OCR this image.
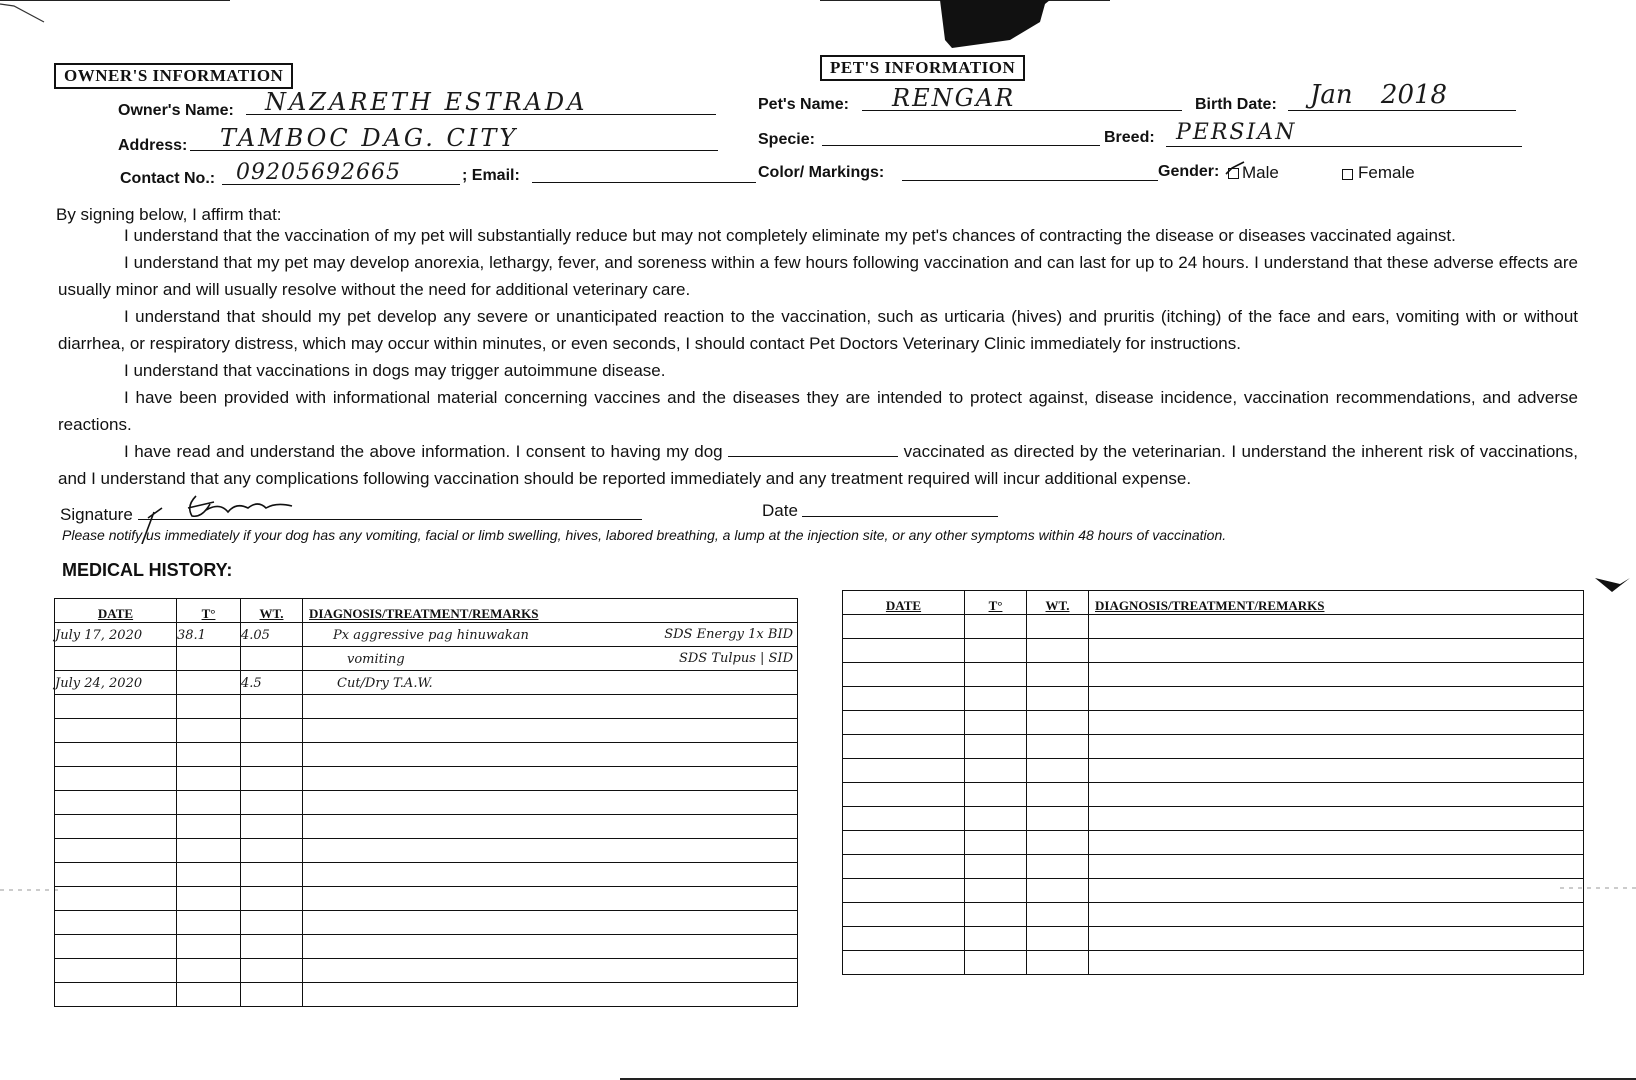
OWNER'S INFORMATION
Owner's Name: NAZARETH ESTRADA
Address: TAMBOC DAG. CITY
Contact No.: 09205692665	; Email:
PET'S INFORMATION
Pet's Name: RENGAR	Birth Date: Jan 2018
Specie:	Breed: PERSIAN
Color/ Markings:	Gender: Male	Female
By signing below, I affirm that:

I understand that the vaccination of my pet will substantially reduce but may not completely eliminate my pet's chances of contracting the disease or diseases vaccinated against.

I understand that my pet may develop anorexia, lethargy, fever, and soreness within a few hours following vaccination and can last for up to 24 hours. I understand that these adverse effects are usually minor and will usually resolve without the need for additional veterinary care.

I understand that should my pet develop any severe or unanticipated reaction to the vaccination, such as urticaria (hives) and pruritis (itching) of the face and ears, vomiting with or without diarrhea, or respiratory distress, which may occur within minutes, or even seconds, I should contact Pet Doctors Veterinary Clinic immediately for instructions.

I understand that vaccinations in dogs may trigger autoimmune disease.

I have been provided with informational material concerning vaccines and the diseases they are intended to protect against, disease incidence, vaccination recommendations, and adverse reactions.

I have read and understand the above information. I consent to having my dog	vaccinated as directed by the veterinarian. I understand the inherent risk of vaccinations, and I understand that any complications following vaccination should be reported immediately and any treatment required will incur additional expense.

Signature	Date
Please notify us immediately if your dog has any vomiting, facial or limb swelling, hives, labored breathing, a lump at the injection site, or any other symptoms within 48 hours of vaccination.
MEDICAL HISTORY:
DATE	T°	WT.	DIAGNOSIS/TREATMENT/REMARKS
July 17, 2020	38.1	4.05	Px aggressive pag hinuwakan SDS Energy 1x BID

			vomiting SDS Tulpus | SID

July 24, 2020		4.5	Cut/Dry T.A.W.

DATE	T°	WT.	DIAGNOSIS/TREATMENT/REMARKS
